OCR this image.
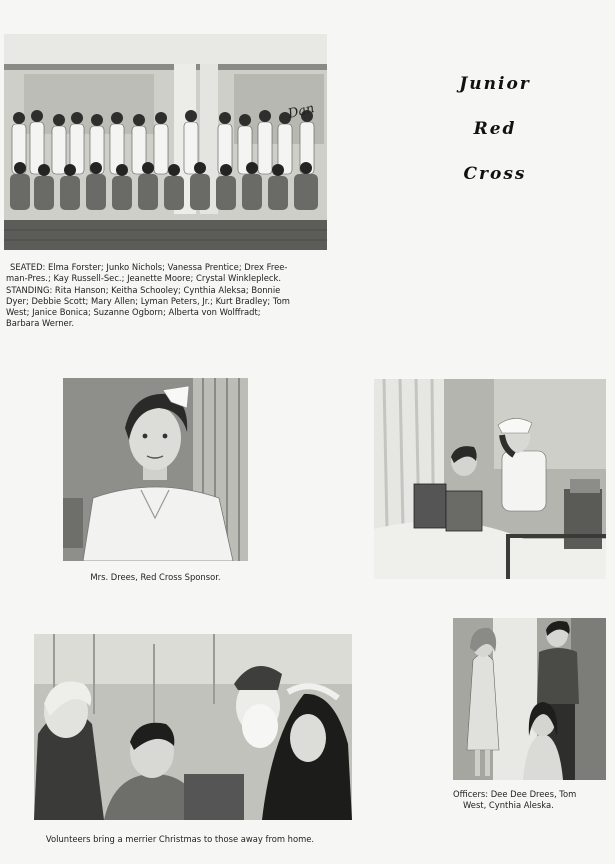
Junior
Red
Cross
Dan
SEATED: Elma Forster; Junko Nichols; Vanessa Prentice; Drex Free-
man-Pres.; Kay Russell-Sec.; Jeanette Moore; Crystal Winklepleck.
STANDING: Rita Hanson; Keitha Schooley; Cynthia Aleksa; Bonnie
Dyer; Debbie Scott; Mary Allen; Lyman Peters, Jr.; Kurt Bradley; Tom
West; Janice Bonica; Suzanne Ogborn; Alberta von Wolffradt;
Barbara Werner.
Mrs. Drees, Red Cross Sponsor.
Volunteers bring a merrier Christmas to those away from home.
Officers: Dee Dee Drees, Tom
West, Cynthia Aleska.
